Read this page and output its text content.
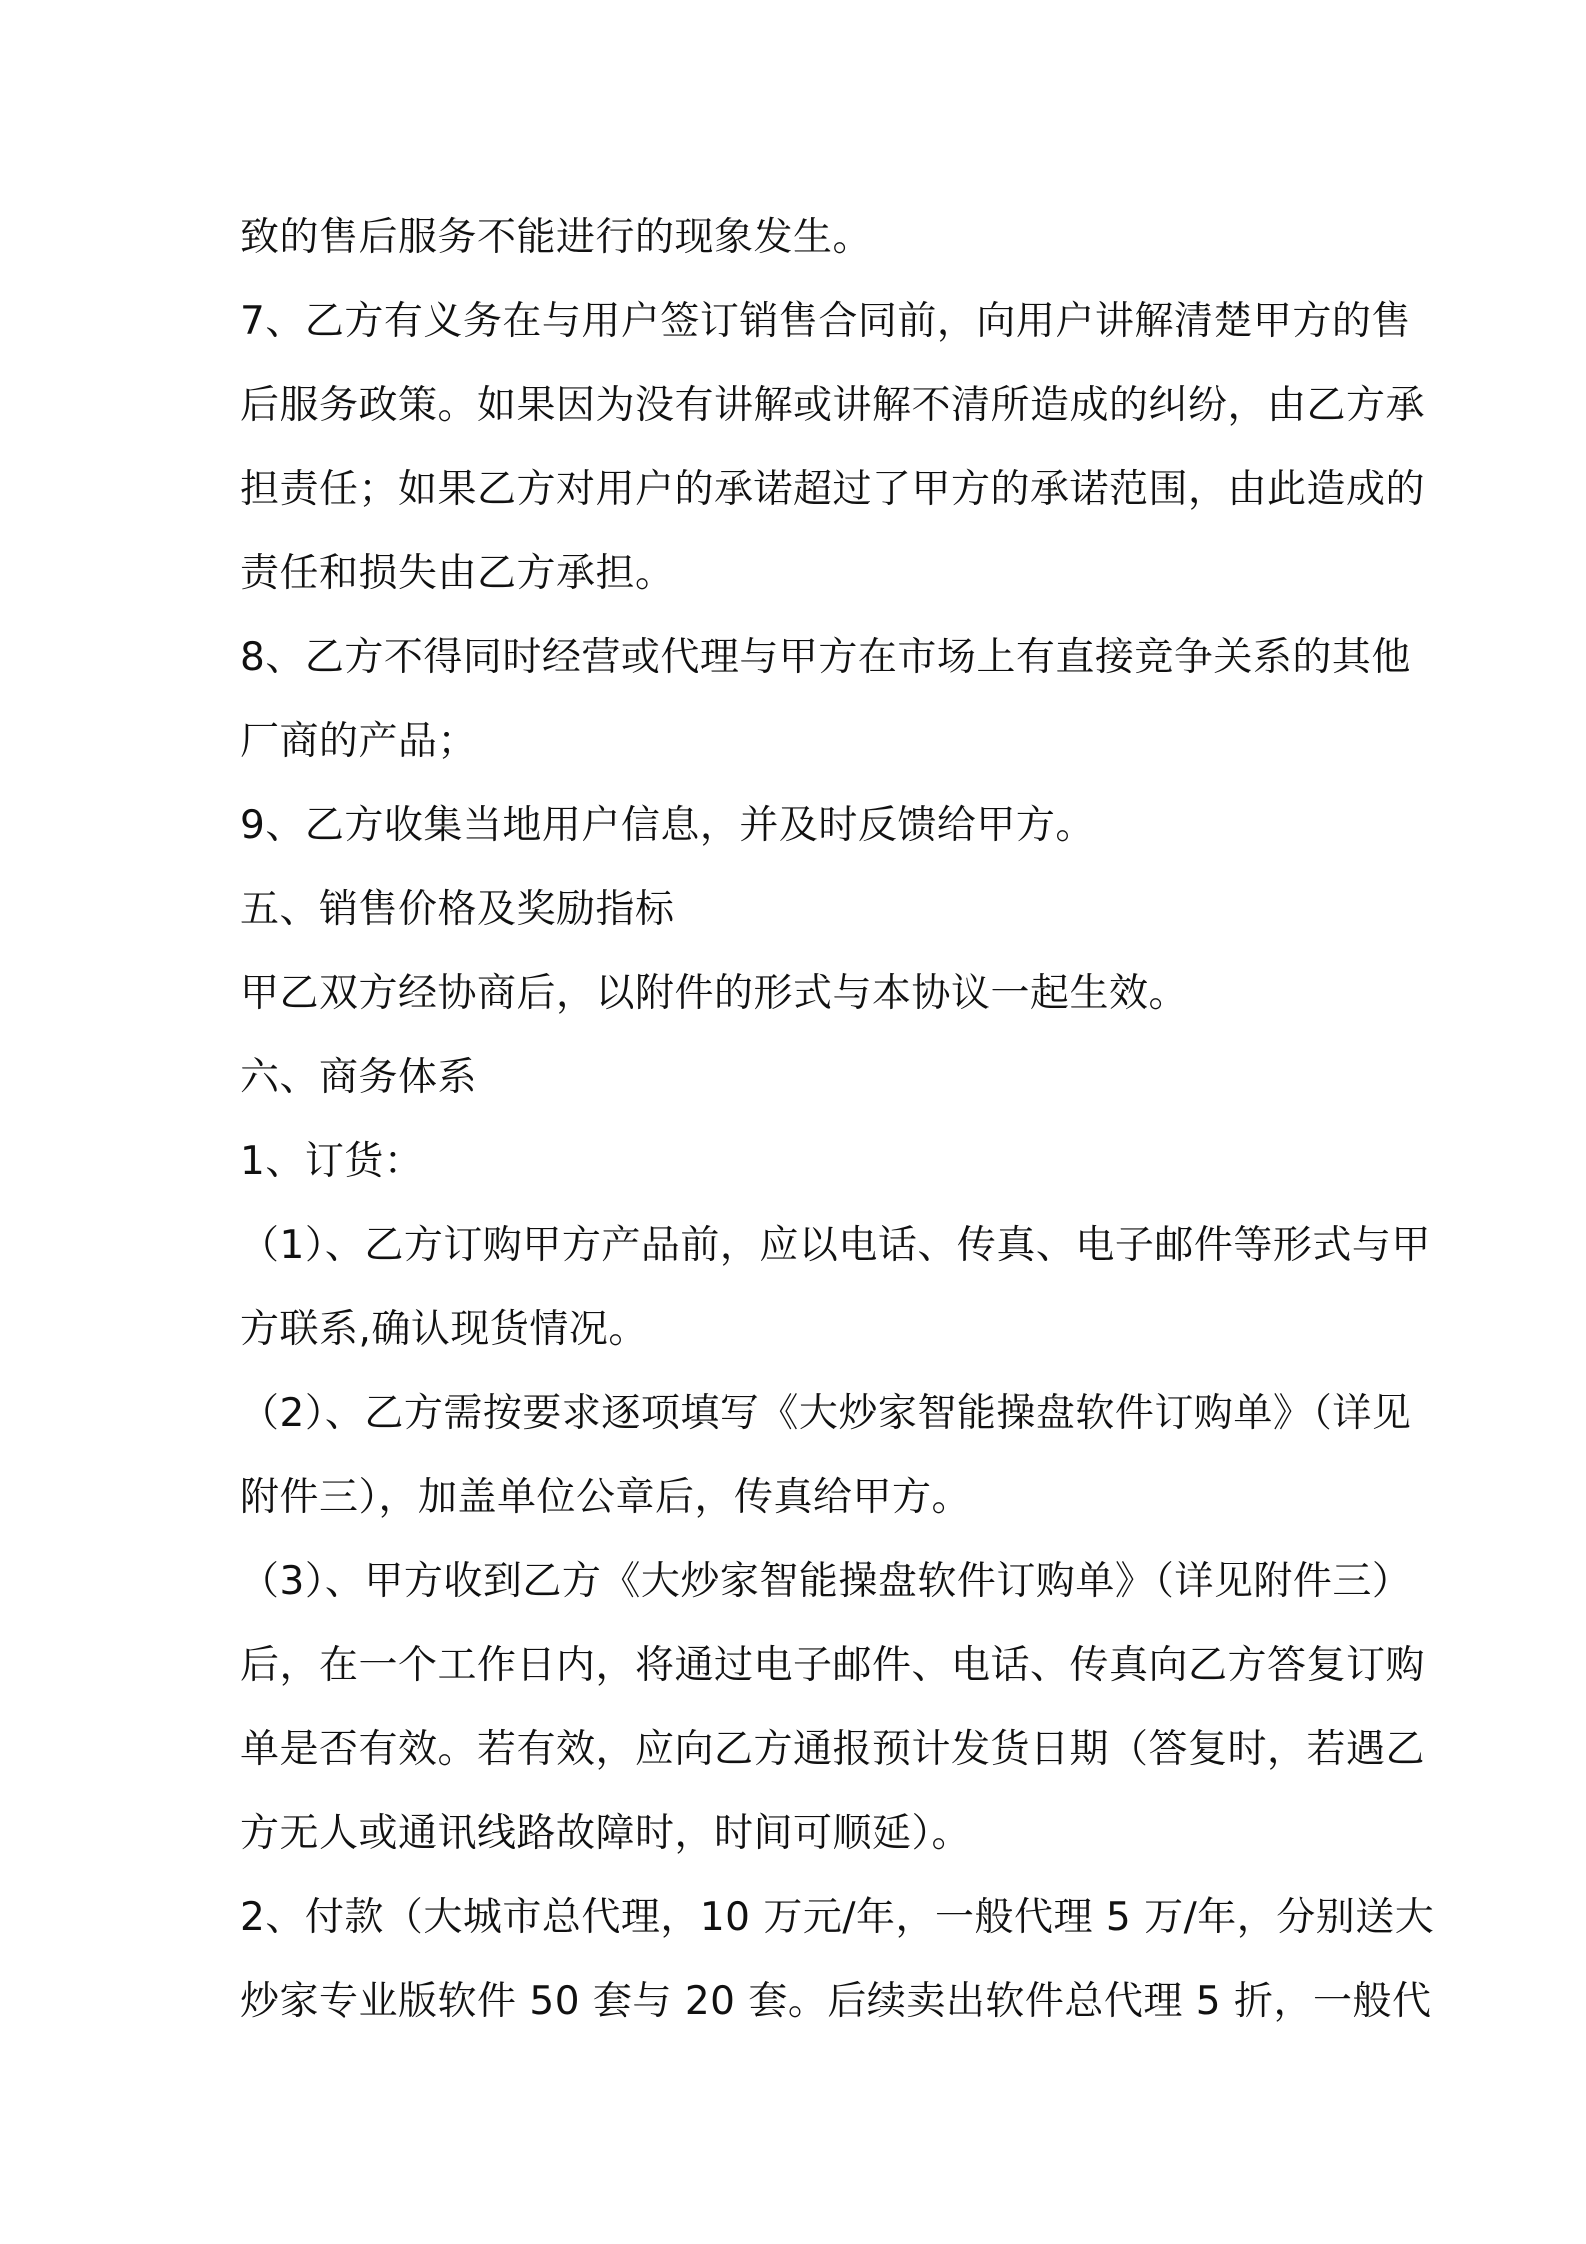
致的售后服务不能进行的现象发生。

7、乙方有义务在与用户签订销售合同前，向用户讲解清楚甲方的售
后服务政策。如果因为没有讲解或讲解不清所造成的纠纷，由乙方承
担责任；如果乙方对用户的承诺超过了甲方的承诺范围，由此造成的
责任和损失由乙方承担。

8、乙方不得同时经营或代理与甲方在市场上有直接竞争关系的其他
厂商的产品；

9、乙方收集当地用户信息，并及时反馈给甲方。

五、销售价格及奖励指标

甲乙双方经协商后，以附件的形式与本协议一起生效。

六、商务体系

1、订货：

（1）、乙方订购甲方产品前，应以电话、传真、电子邮件等形式与甲
方联系,确认现货情况。

（2）、乙方需按要求逐项填写《大炒家智能操盘软件订购单》（详见
附件三），加盖单位公章后，传真给甲方。

（3）、甲方收到乙方《大炒家智能操盘软件订购单》（详见附件三）
后，在一个工作日内，将通过电子邮件、电话、传真向乙方答复订购
单是否有效。若有效，应向乙方通报预计发货日期（答复时，若遇乙
方无人或通讯线路故障时，时间可顺延）。

2、付款（大城市总代理，10 万元/年，一般代理 5 万/年，分别送大
炒家专业版软件 50 套与 20 套。后续卖出软件总代理 5 折，一般代
